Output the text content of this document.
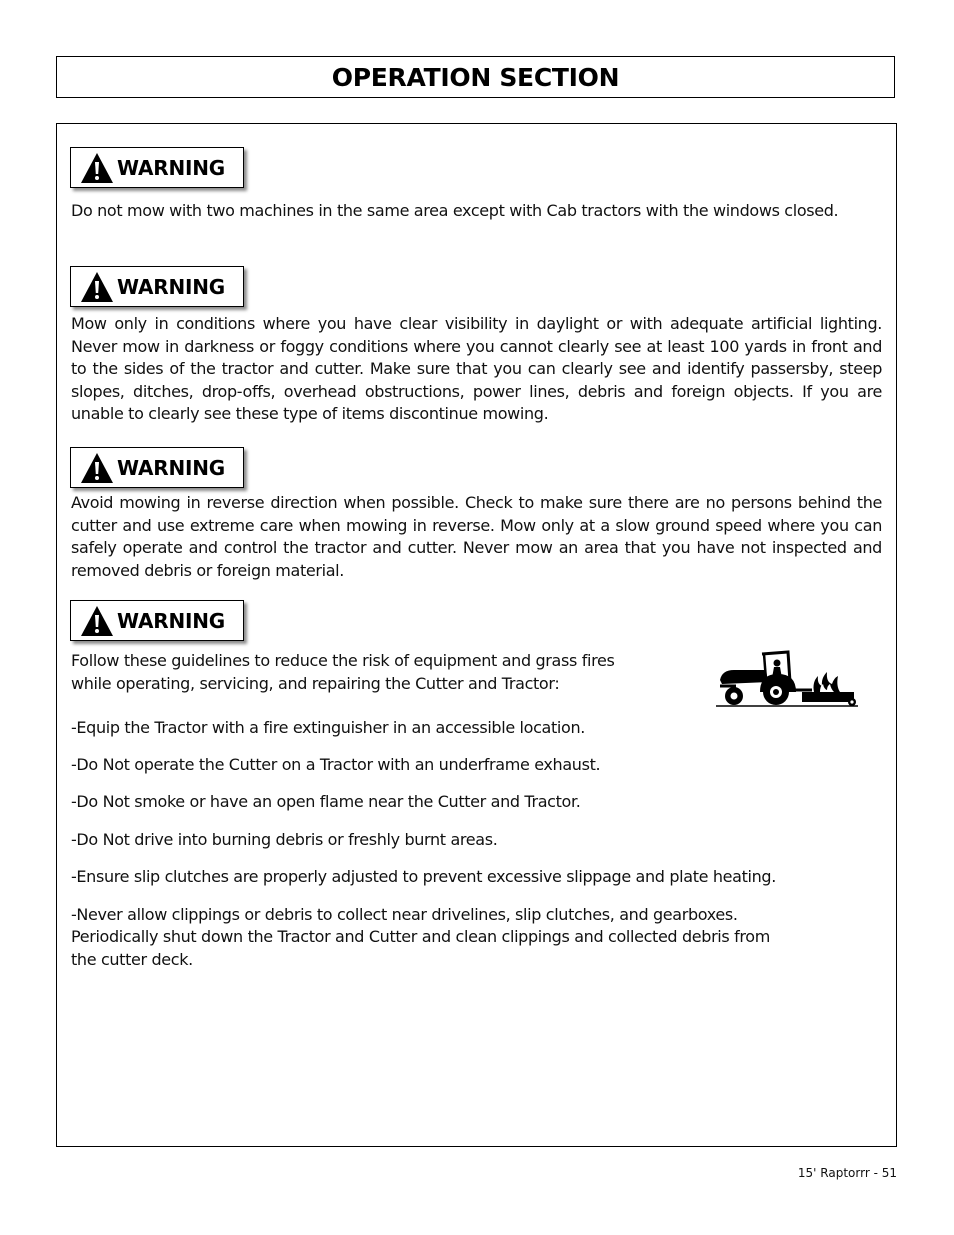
OPERATION SECTION
WARNING

Do not mow with two machines in the same area except with Cab tractors with the windows closed.

WARNING

Mow only in conditions where you have clear visibility in daylight or with adequate artificial lighting. Never mow in darkness or foggy conditions where you cannot clearly see at least 100 yards in front and to the sides of the tractor and cutter. Make sure that you can clearly see and identify passersby, steep slopes, ditches, drop-offs, overhead obstructions, power lines, debris and foreign objects. If you are unable to clearly see these type of items discontinue mowing.

WARNING

Avoid mowing in reverse direction when possible. Check to make sure there are no persons behind the cutter and use extreme care when mowing in reverse. Mow only at a slow ground speed where you can safely operate and control the tractor and cutter. Never mow an area that you have not inspected and removed debris or foreign material.

WARNING

Follow these guidelines to reduce the risk of equipment and grass fires

while operating, servicing, and repairing the Cutter and Tractor:

-Equip the Tractor with a fire extinguisher in an accessible location.

-Do Not operate the Cutter on a Tractor with an underframe exhaust.

-Do Not smoke or have an open flame near the Cutter and Tractor.

-Do Not drive into burning debris or freshly burnt areas.

-Ensure slip clutches are properly adjusted to prevent excessive slippage and plate heating.

-Never allow clippings or debris to collect near drivelines, slip clutches, and gearboxes.

Periodically shut down the Tractor and Cutter and clean clippings and collected debris from

the cutter deck.

15' Raptorrr - 51
